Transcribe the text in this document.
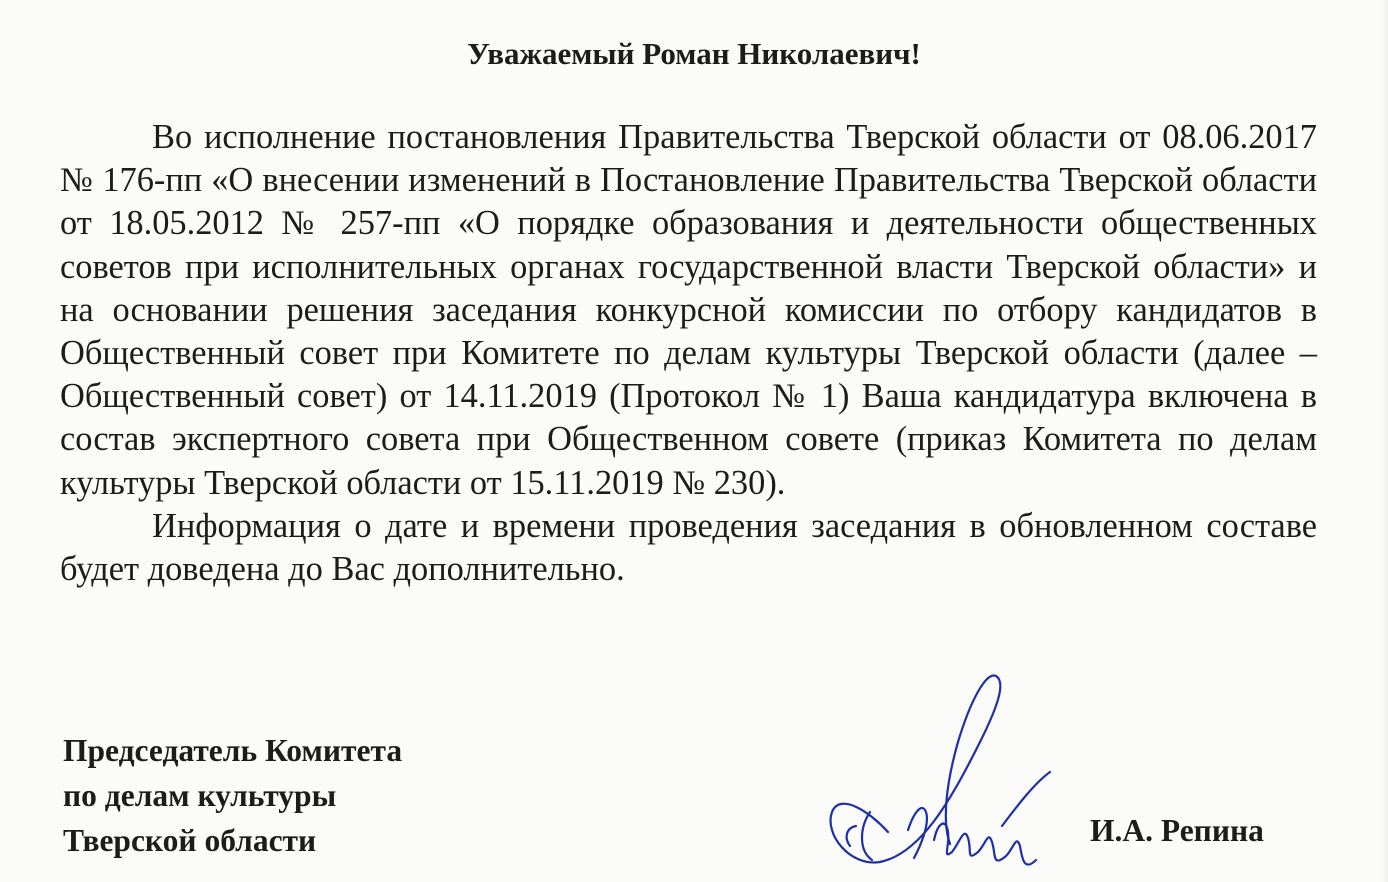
Уважаемый Роман Николаевич!

Во исполнение постановления Правительства Тверской области от 08.06.2017 № 176-пп «О внесении изменений в Постановление Правительства Тверской области от 18.05.2012 № 257-пп «О порядке образования и деятельности общественных советов при исполнительных органах государственной власти Тверской области» и на основании решения заседания конкурсной комиссии по отбору кандидатов в Общественный совет при Комитете по делам культуры Тверской области (далее – Общественный совет) от 14.11.2019 (Протокол № 1) Ваша кандидатура включена в состав экспертного совета при Общественном совете (приказ Комитета по делам культуры Тверской области от 15.11.2019 № 230).

Информация о дате и времени проведения заседания в обновленном составе будет доведена до Вас дополнительно.

Председатель Комитета
по делам культуры
Тверской области	И.А. Репина
